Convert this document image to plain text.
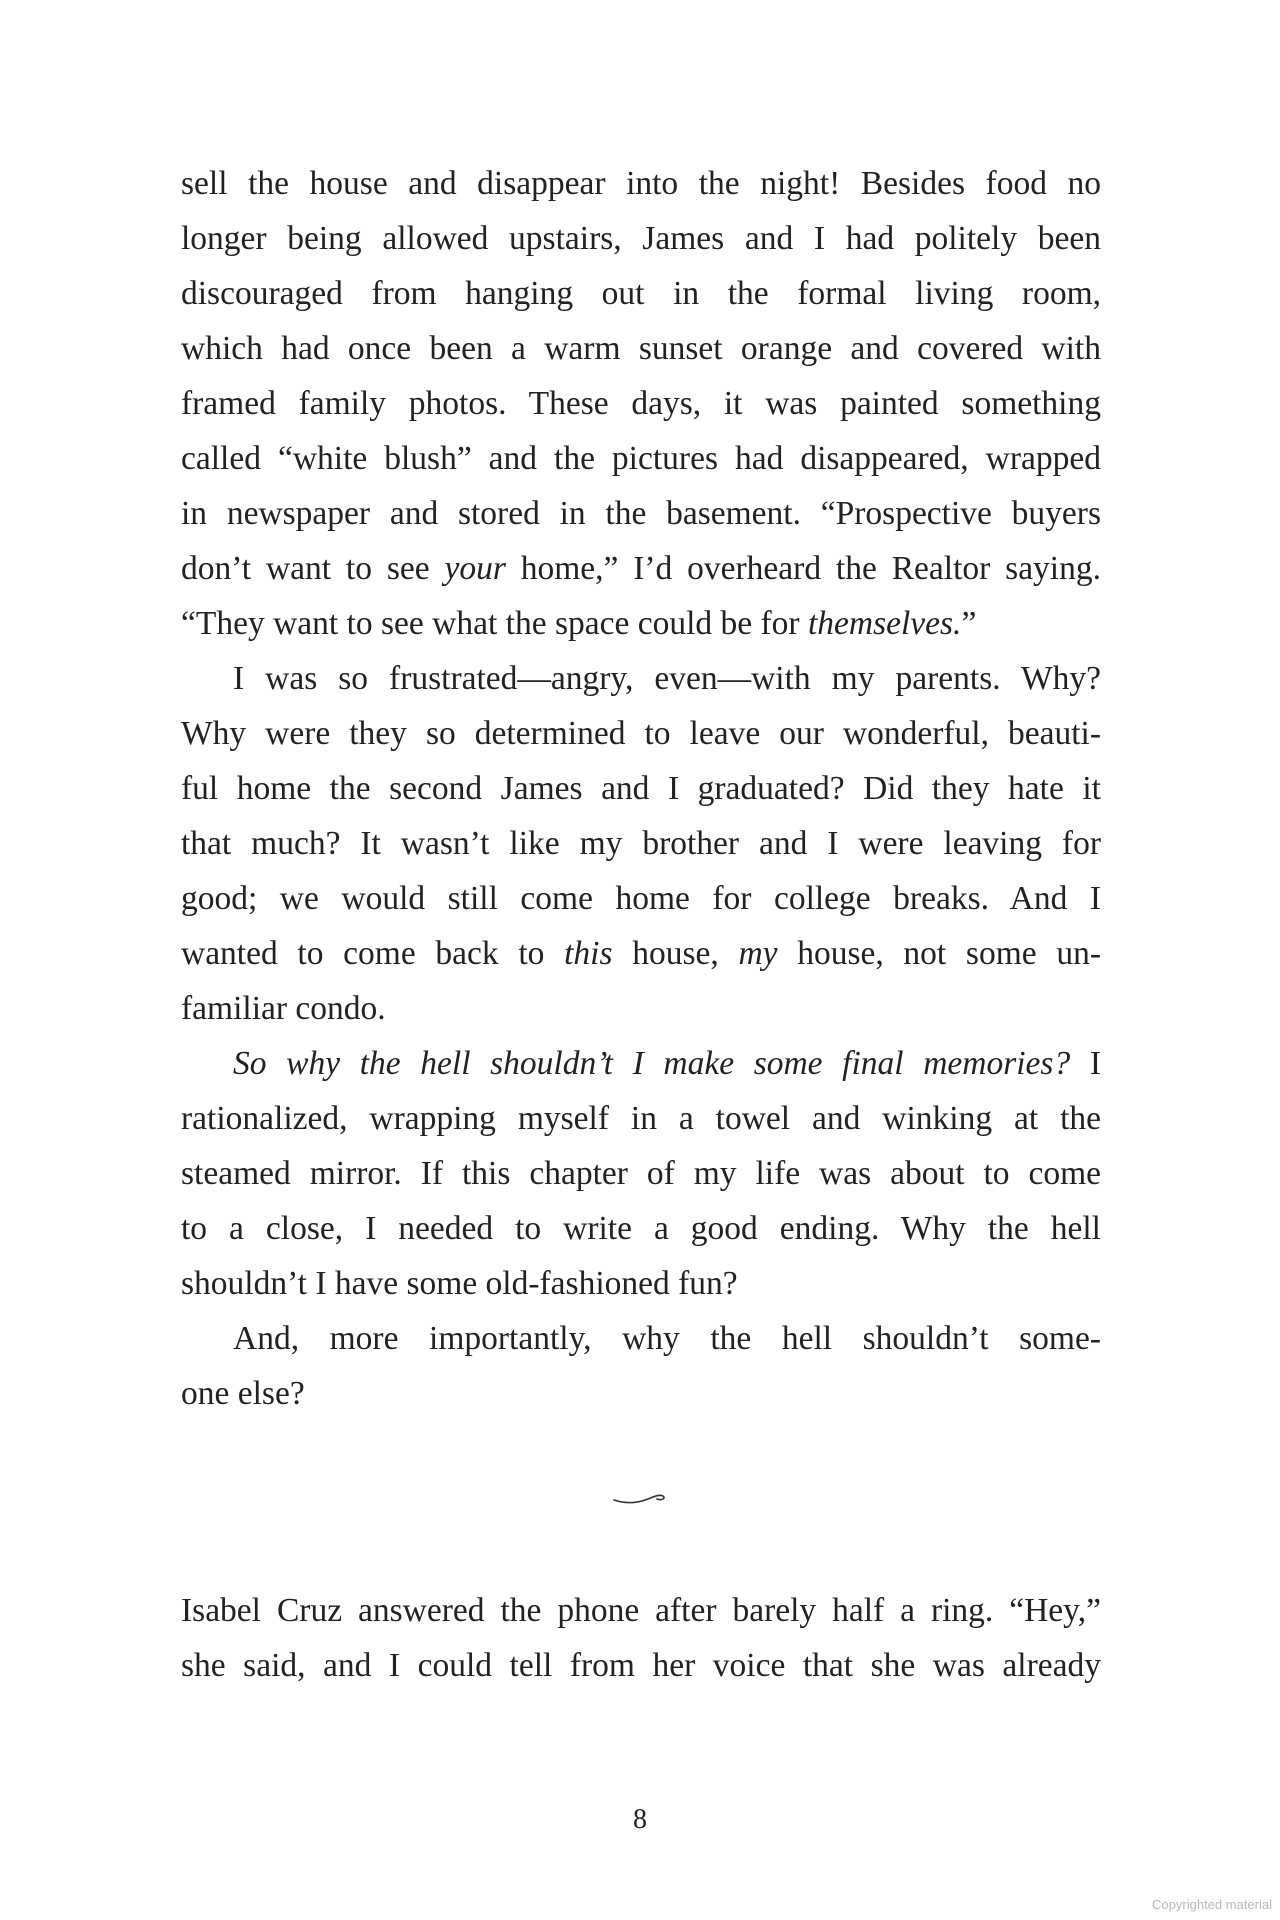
sell the house and disappear into the night! Besides food no
longer being allowed upstairs, James and I had politely been
discouraged from hanging out in the formal living room,
which had once been a warm sunset orange and covered with
framed family photos. These days, it was painted something
called “white blush” and the pictures had disappeared, wrapped
in newspaper and stored in the basement. “Prospective buyers
don’t want to see your home,” I’d overheard the Realtor saying.
“They want to see what the space could be for themselves.”
I was so frustrated—angry, even—with my parents. Why?
Why were they so determined to leave our wonderful, beauti-
ful home the second James and I graduated? Did they hate it
that much? It wasn’t like my brother and I were leaving for
good; we would still come home for college breaks. And I
wanted to come back to this house, my house, not some un-
familiar condo.
So why the hell shouldn’t I make some final memories? I
rationalized, wrapping myself in a towel and winking at the
steamed mirror. If this chapter of my life was about to come
to a close, I needed to write a good ending. Why the hell
shouldn’t I have some old-fashioned fun?
And, more importantly, why the hell shouldn’t some-
one else?
Isabel Cruz answered the phone after barely half a ring. “Hey,”
she said, and I could tell from her voice that she was already
8
Copyrighted material
